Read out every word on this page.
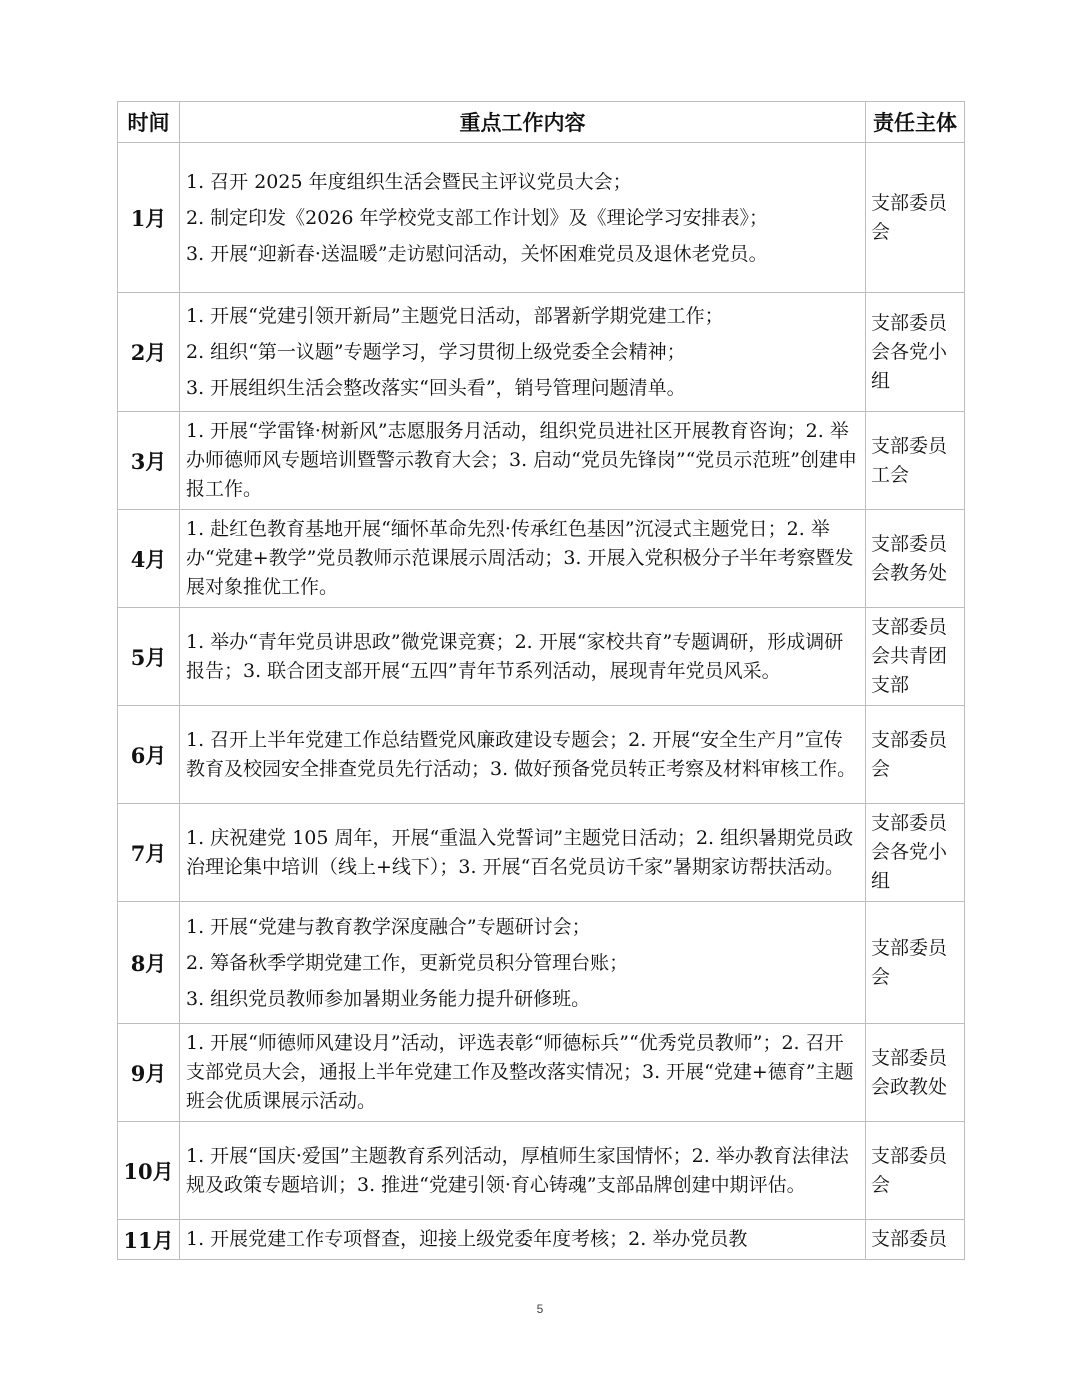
时间	重点工作内容	责任主体
1月	1. 召开 2025 年度组织生活会暨民主评议党员大会；
2. 制定印发《2026 年学校党支部工作计划》及《理论学习安排表》；
3. 开展“迎新春·送温暖”走访慰问活动，关怀困难党员及退休老党员。	支部委员会
2月	1. 开展“党建引领开新局”主题党日活动，部署新学期党建工作；
2. 组织“第一议题”专题学习，学习贯彻上级党委全会精神；
3. 开展组织生活会整改落实“回头看”，销号管理问题清单。	支部委员会各党小组
3月	1. 开展“学雷锋·树新风”志愿服务月活动，组织党员进社区开展教育咨询；2. 举办师德师风专题培训暨警示教育大会；3. 启动“党员先锋岗”“党员示范班”创建申报工作。	支部委员工会
4月	1. 赴红色教育基地开展“缅怀革命先烈·传承红色基因”沉浸式主题党日；2. 举办“党建+教学”党员教师示范课展示周活动；3. 开展入党积极分子半年考察暨发展对象推优工作。	支部委员会教务处
5月	1. 举办“青年党员讲思政”微党课竞赛；2. 开展“家校共育”专题调研，形成调研报告；3. 联合团支部开展“五四”青年节系列活动，展现青年党员风采。	支部委员会共青团支部
6月	1. 召开上半年党建工作总结暨党风廉政建设专题会；2. 开展“安全生产月”宣传教育及校园安全排查党员先行活动；3. 做好预备党员转正考察及材料审核工作。	支部委员会
7月	1. 庆祝建党 105 周年，开展“重温入党誓词”主题党日活动；2. 组织暑期党员政治理论集中培训（线上+线下）；3. 开展“百名党员访千家”暑期家访帮扶活动。	支部委员会各党小组
8月	1. 开展“党建与教育教学深度融合”专题研讨会；
2. 筹备秋季学期党建工作，更新党员积分管理台账；
3. 组织党员教师参加暑期业务能力提升研修班。	支部委员会
9月	1. 开展“师德师风建设月”活动，评选表彰“师德标兵”“优秀党员教师”；2. 召开支部党员大会，通报上半年党建工作及整改落实情况；3. 开展“党建+德育”主题班会优质课展示活动。	支部委员会政教处
10月	1. 开展“国庆·爱国”主题教育系列活动，厚植师生家国情怀；2. 举办教育法律法规及政策专题培训；3. 推进“党建引领·育心铸魂”支部品牌创建中期评估。	支部委员会
11月	1. 开展党建工作专项督查，迎接上级党委年度考核；2. 举办党员教	支部委员
5
